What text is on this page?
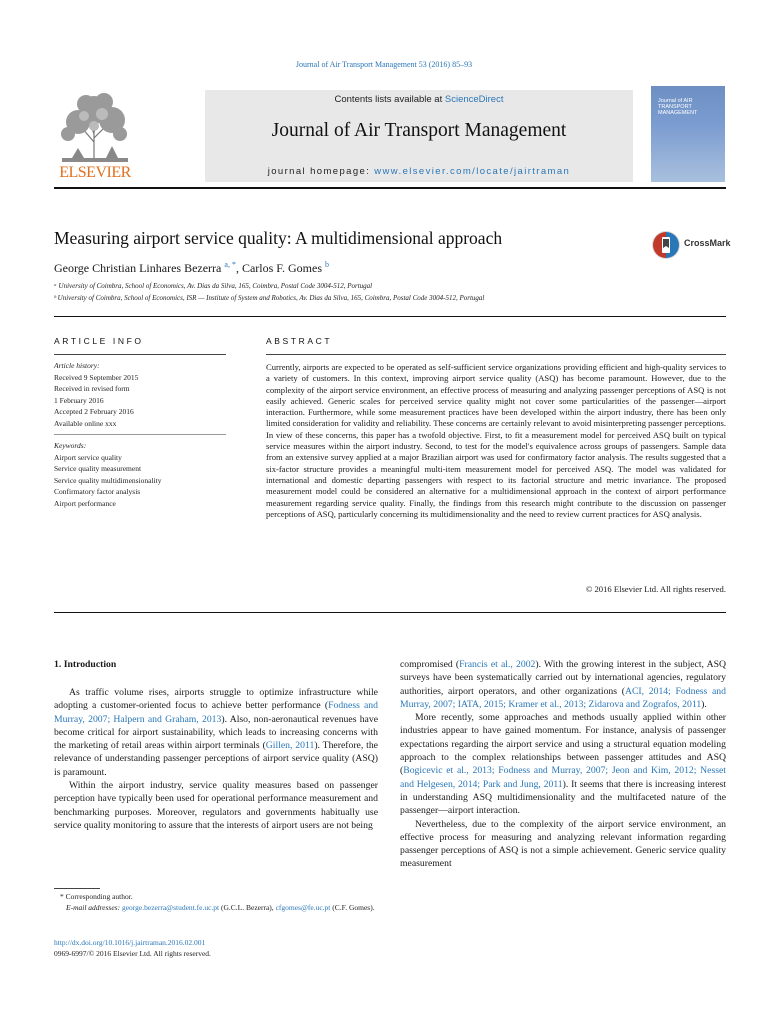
Journal of Air Transport Management 53 (2016) 85–93
ELSEVIER
Contents lists available at ScienceDirect
Journal of Air Transport Management
journal homepage: www.elsevier.com/locate/jairtraman
Journal of AIR TRANSPORT MANAGEMENT
Measuring airport service quality: A multidimensional approach	CrossMark
George Christian Linhares Bezerra $^{a, *}$, Carlos F. Gomes $^b$
ᵃ University of Coimbra, School of Economics, Av. Dias da Silva, 165, Coimbra, Postal Code 3004-512, Portugal
ᵇ University of Coimbra, School of Economics, ISR — Institute of System and Robotics, Av. Dias da Silva, 165, Coimbra, Postal Code 3004-512, Portugal
ARTICLE INFO
Article history:
Received 9 September 2015
Received in revised form
1 February 2016
Accepted 2 February 2016
Available online xxx
Keywords:
Airport service quality
Service quality measurement
Service quality multidimensionality
Confirmatory factor analysis
Airport performance
ABSTRACT
Currently, airports are expected to be operated as self-sufficient service organizations providing efficient and high-quality services to a variety of customers. In this context, improving airport service quality (ASQ) has become paramount. However, due to the complexity of the airport service environment, an effective process of measuring and analyzing passenger perceptions of ASQ is not easily achieved. Generic scales for perceived service quality might not cover some particularities of the passenger—airport interaction. Furthermore, while some measurement practices have been developed within the airport industry, there has been only limited consideration for validity and reliability. These concerns are certainly relevant to avoid misinterpreting passenger perceptions. In view of these concerns, this paper has a twofold objective. First, to fit a measurement model for perceived ASQ built on typical service measures within the airport industry. Second, to test for the model's equivalence across groups of passengers. Sample data from an extensive survey applied at a major Brazilian airport was used for confirmatory factor analysis. The results suggested that a six-factor structure provides a meaningful multi-item measurement model for perceived ASQ. The model was validated for international and domestic departing passengers with respect to its factorial structure and metric invariance. The proposed measurement model could be considered an alternative for a multidimensional approach in the context of airport performance measurement regarding service quality. Finally, the findings from this research might contribute to the discussion on passenger perceptions of ASQ, particularly concerning its multidimensionality and the need to review current practices for ASQ analysis.
© 2016 Elsevier Ltd. All rights reserved.
1. Introduction

As traffic volume rises, airports struggle to optimize infrastructure while adopting a customer-oriented focus to achieve better performance (Fodness and Murray, 2007; Halpern and Graham, 2013). Also, non-aeronautical revenues have become critical for airport sustainability, which leads to increasing concerns with the marketing of retail areas within airport terminals (Gillen, 2011). Therefore, the relevance of understanding passenger perceptions of airport service quality (ASQ) is paramount.

Within the airport industry, service quality measures based on passenger perception have typically been used for operational performance measurement and benchmarking purposes. Moreover, regulators and governments habitually use service quality monitoring to assure that the interests of airport users are not being

compromised (Francis et al., 2002). With the growing interest in the subject, ASQ surveys have been systematically carried out by international agencies, regulatory authorities, airport operators, and other organizations (ACI, 2014; Fodness and Murray, 2007; IATA, 2015; Kramer et al., 2013; Zidarova and Zografos, 2011).

More recently, some approaches and methods usually applied within other industries appear to have gained momentum. For instance, analysis of passenger expectations regarding the airport service and using a structural equation modeling approach to the complex relationships between passenger attitudes and ASQ (Bogicevic et al., 2013; Fodness and Murray, 2007; Jeon and Kim, 2012; Nesset and Helgesen, 2014; Park and Jung, 2011). It seems that there is increasing interest in understanding ASQ multidimensionality and the multifaceted nature of the passenger—airport interaction.

Nevertheless, due to the complexity of the airport service environment, an effective process for measuring and analyzing relevant information regarding passenger perceptions of ASQ is not a simple achievement. Generic service quality measurement

* Corresponding author.
E-mail addresses: george.bezerra@student.fe.uc.pt (G.C.L. Bezerra), cfgomes@fe.uc.pt (C.F. Gomes).
http://dx.doi.org/10.1016/j.jairtraman.2016.02.001
0969-6997/© 2016 Elsevier Ltd. All rights reserved.
